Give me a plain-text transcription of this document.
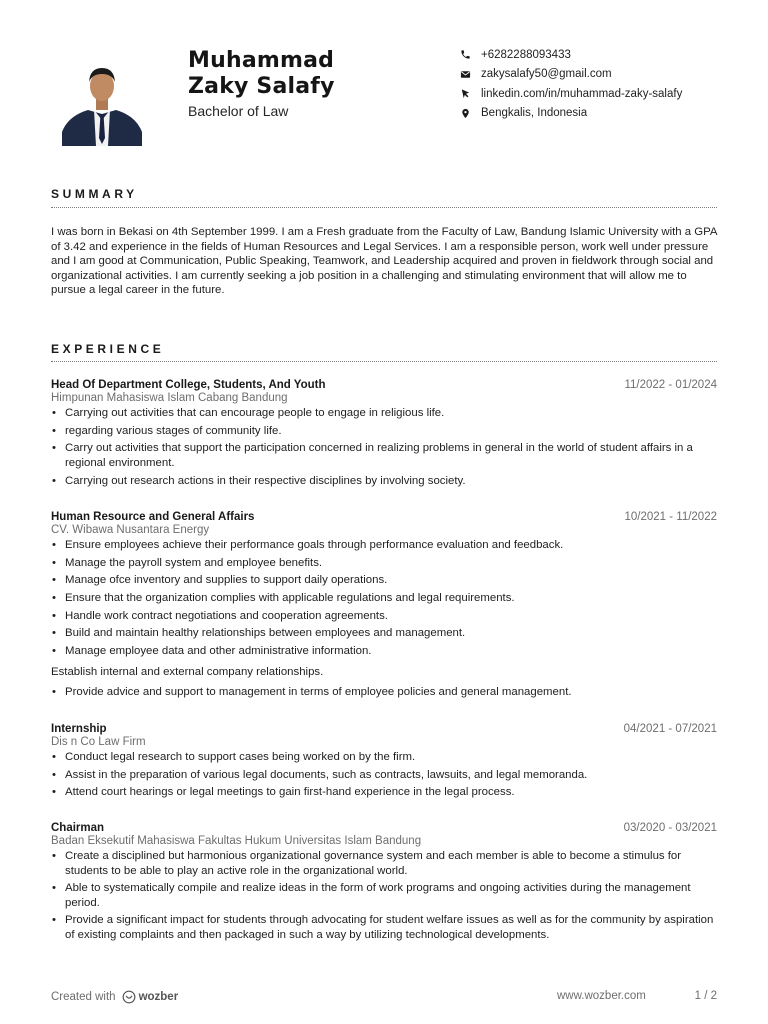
Muhammad
Zaky Salafy
Bachelor of Law
+6282288093433
zakysalafy50@gmail.com
linkedin.com/in/muhammad-zaky-salafy
Bengkalis, Indonesia
SUMMARY
I was born in Bekasi on 4th September 1999. I am a Fresh graduate from the Faculty of Law, Bandung Islamic University with a GPA of 3.42 and experience in the fields of Human Resources and Legal Services. I am a responsible person, work well under pressure and I am good at Communication, Public Speaking, Teamwork, and Leadership acquired and proven in fieldwork through social and organizational activities. I am currently seeking a job position in a challenging and stimulating environment that will allow me to pursue a legal career in the future.
EXPERIENCE
Head Of Department College, Students, And Youth	11/2022 - 01/2024
Himpunan Mahasiswa Islam Cabang Bandung
• Carrying out activities that can encourage people to engage in religious life.
• regarding various stages of community life.
• Carry out activities that support the participation concerned in realizing problems in general in the world of student affairs in a regional environment.
• Carrying out research actions in their respective disciplines by involving society.
Human Resource and General Affairs	10/2021 - 11/2022
CV. Wibawa Nusantara Energy
• Ensure employees achieve their performance goals through performance evaluation and feedback.
• Manage the payroll system and employee benefits.
• Manage ofce inventory and supplies to support daily operations.
• Ensure that the organization complies with applicable regulations and legal requirements.
• Handle work contract negotiations and cooperation agreements.
• Build and maintain healthy relationships between employees and management.
• Manage employee data and other administrative information.
Establish internal and external company relationships.
• Provide advice and support to management in terms of employee policies and general management.
Internship	04/2021 - 07/2021
Dis n Co Law Firm
• Conduct legal research to support cases being worked on by the firm.
• Assist in the preparation of various legal documents, such as contracts, lawsuits, and legal memoranda.
• Attend court hearings or legal meetings to gain first-hand experience in the legal process.
Chairman	03/2020 - 03/2021
Badan Eksekutif Mahasiswa Fakultas Hukum Universitas Islam Bandung
• Create a disciplined but harmonious organizational governance system and each member is able to become a stimulus for students to be able to play an active role in the organizational world.
• Able to systematically compile and realize ideas in the form of work programs and ongoing activities during the management period.
• Provide a significant impact for students through advocating for student welfare issues as well as for the community by aspiration of existing complaints and then packaged in such a way by utilizing technological developments.
Created with wozber	www.wozber.com	1 / 2
